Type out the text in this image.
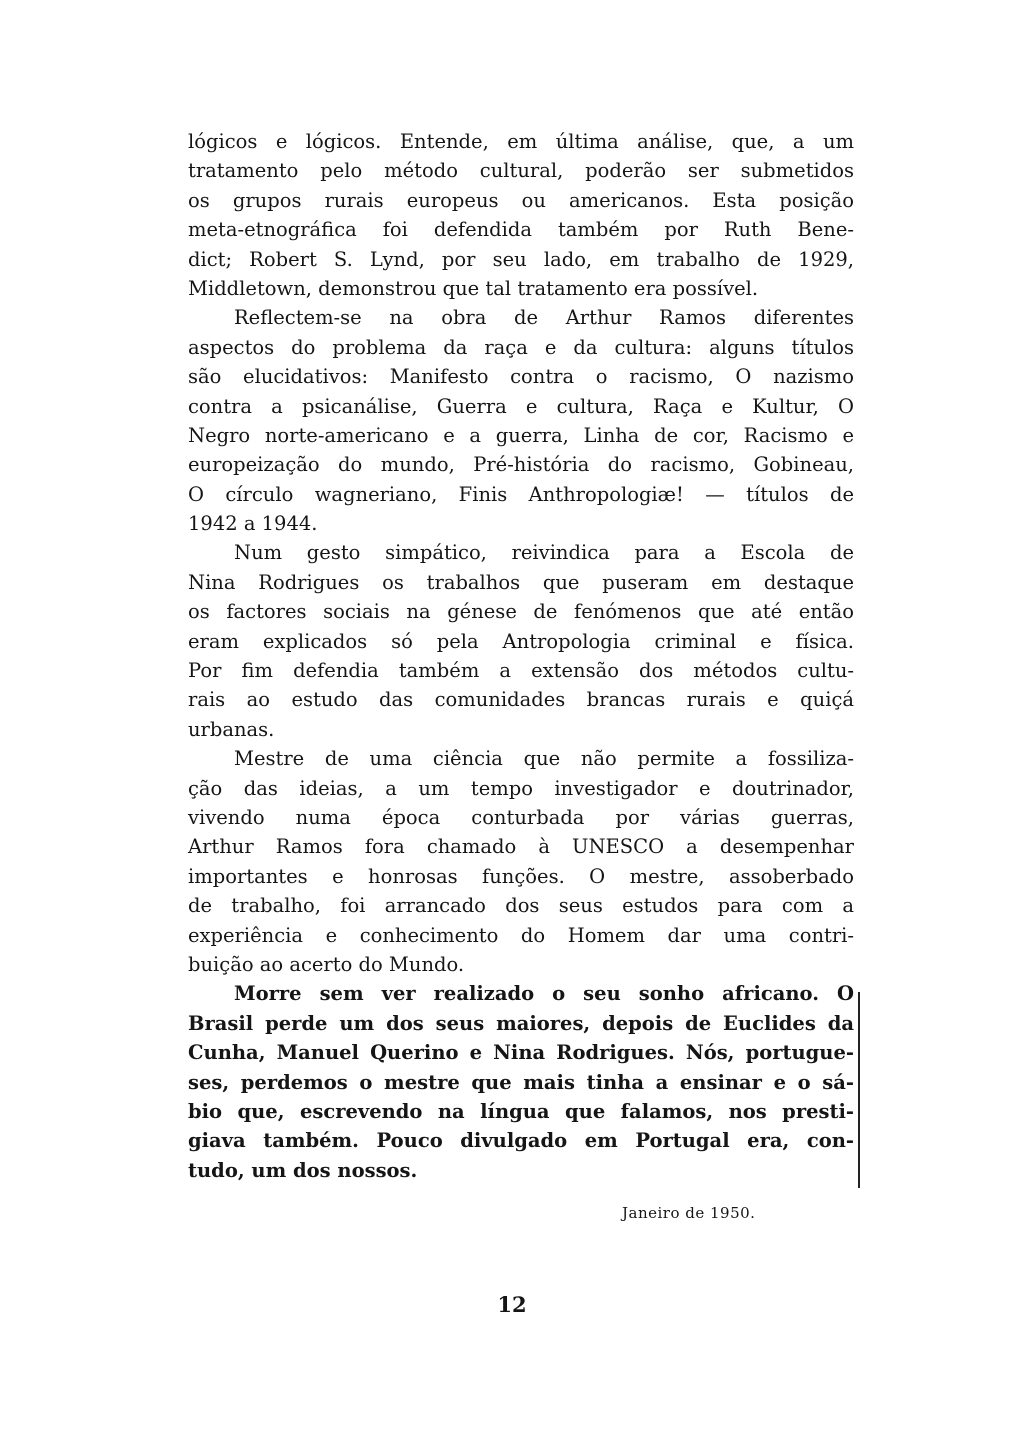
lógicos e lógicos. Entende, em última análise, que, a um
tratamento pelo método cultural, poderão ser submetidos
os grupos rurais europeus ou americanos. Esta posição
meta-etnográfica foi defendida também por Ruth Bene-
dict; Robert S. Lynd, por seu lado, em trabalho de 1929,
Middletown, demonstrou que tal tratamento era possível.
Reflectem-se na obra de Arthur Ramos diferentes
aspectos do problema da raça e da cultura: alguns títulos
são elucidativos: Manifesto contra o racismo, O nazismo
contra a psicanálise, Guerra e cultura, Raça e Kultur, O
Negro norte-americano e a guerra, Linha de cor, Racismo e
europeização do mundo, Pré-história do racismo, Gobineau,
O círculo wagneriano, Finis Anthropologiæ! — títulos de
1942 a 1944.
Num gesto simpático, reivindica para a Escola de
Nina Rodrigues os trabalhos que puseram em destaque
os factores sociais na génese de fenómenos que até então
eram explicados só pela Antropologia criminal e física.
Por fim defendia também a extensão dos métodos cultu-
rais ao estudo das comunidades brancas rurais e quiçá
urbanas.
Mestre de uma ciência que não permite a fossiliza-
ção das ideias, a um tempo investigador e doutrinador,
vivendo numa época conturbada por várias guerras,
Arthur Ramos fora chamado à UNESCO a desempenhar
importantes e honrosas funções. O mestre, assoberbado
de trabalho, foi arrancado dos seus estudos para com a
experiência e conhecimento do Homem dar uma contri-
buição ao acerto do Mundo.
Morre sem ver realizado o seu sonho africano. O
Brasil perde um dos seus maiores, depois de Euclides da
Cunha, Manuel Querino e Nina Rodrigues. Nós, portugue-
ses, perdemos o mestre que mais tinha a ensinar e o sá-
bio que, escrevendo na língua que falamos, nos presti-
giava também. Pouco divulgado em Portugal era, con-
tudo, um dos nossos.
Janeiro de 1950.
12
